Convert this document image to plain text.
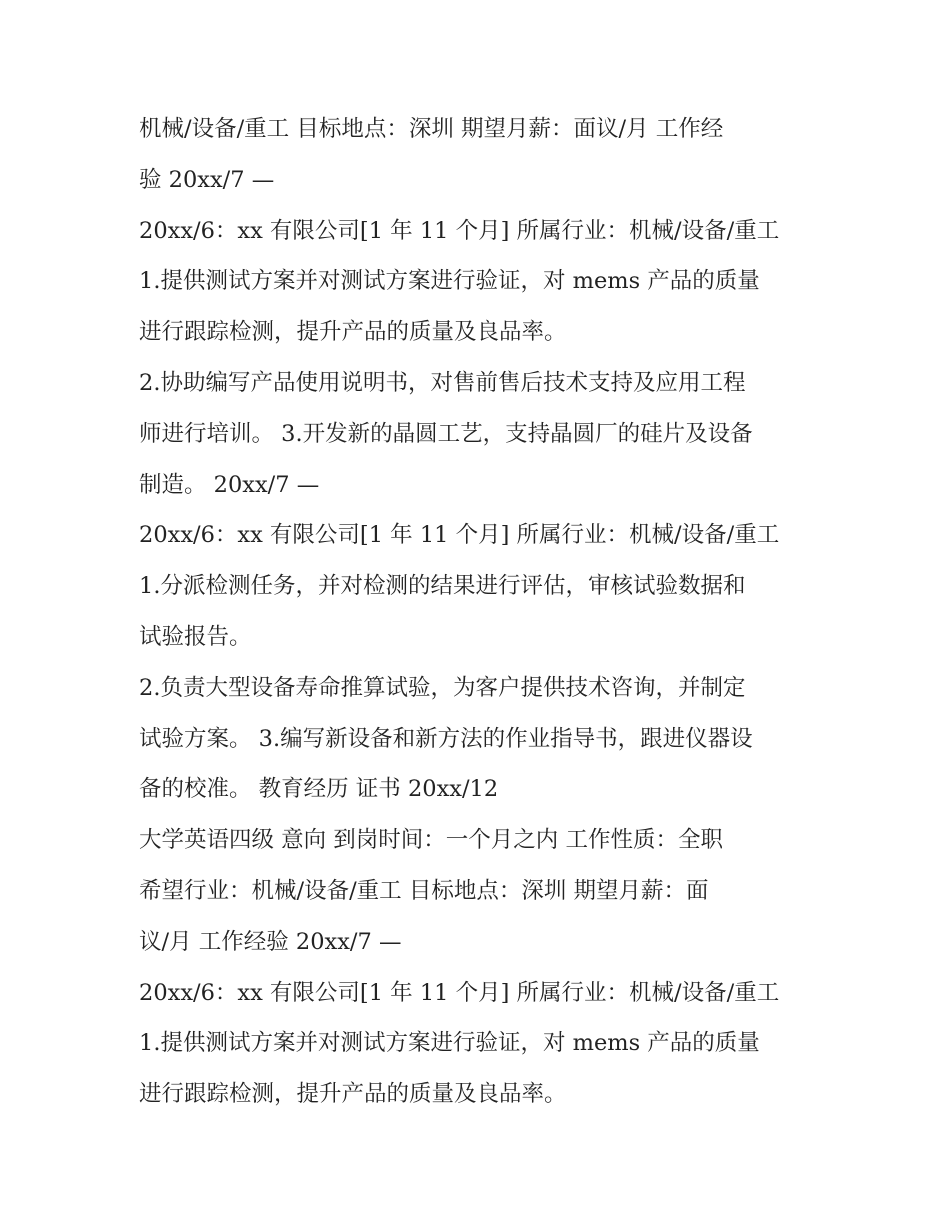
机械/设备/重工 目标地点：深圳 期望月薪：面议/月 工作经
验 20xx/7 —
20xx/6：xx 有限公司[1 年 11 个月] 所属行业：机械/设备/重工
1.提供测试方案并对测试方案进行验证，对 mems 产品的质量
进行跟踪检测，提升产品的质量及良品率。
2.协助编写产品使用说明书，对售前售后技术支持及应用工程
师进行培训。 3.开发新的晶圆工艺，支持晶圆厂的硅片及设备
制造。 20xx/7 —
20xx/6：xx 有限公司[1 年 11 个月] 所属行业：机械/设备/重工
1.分派检测任务，并对检测的结果进行评估，审核试验数据和
试验报告。
2.负责大型设备寿命推算试验，为客户提供技术咨询，并制定
试验方案。 3.编写新设备和新方法的作业指导书，跟进仪器设
备的校准。 教育经历 证书 20xx/12
大学英语四级 意向 到岗时间：一个月之内 工作性质：全职
希望行业：机械/设备/重工 目标地点：深圳 期望月薪：面
议/月 工作经验 20xx/7 —
20xx/6：xx 有限公司[1 年 11 个月] 所属行业：机械/设备/重工
1.提供测试方案并对测试方案进行验证，对 mems 产品的质量
进行跟踪检测，提升产品的质量及良品率。
